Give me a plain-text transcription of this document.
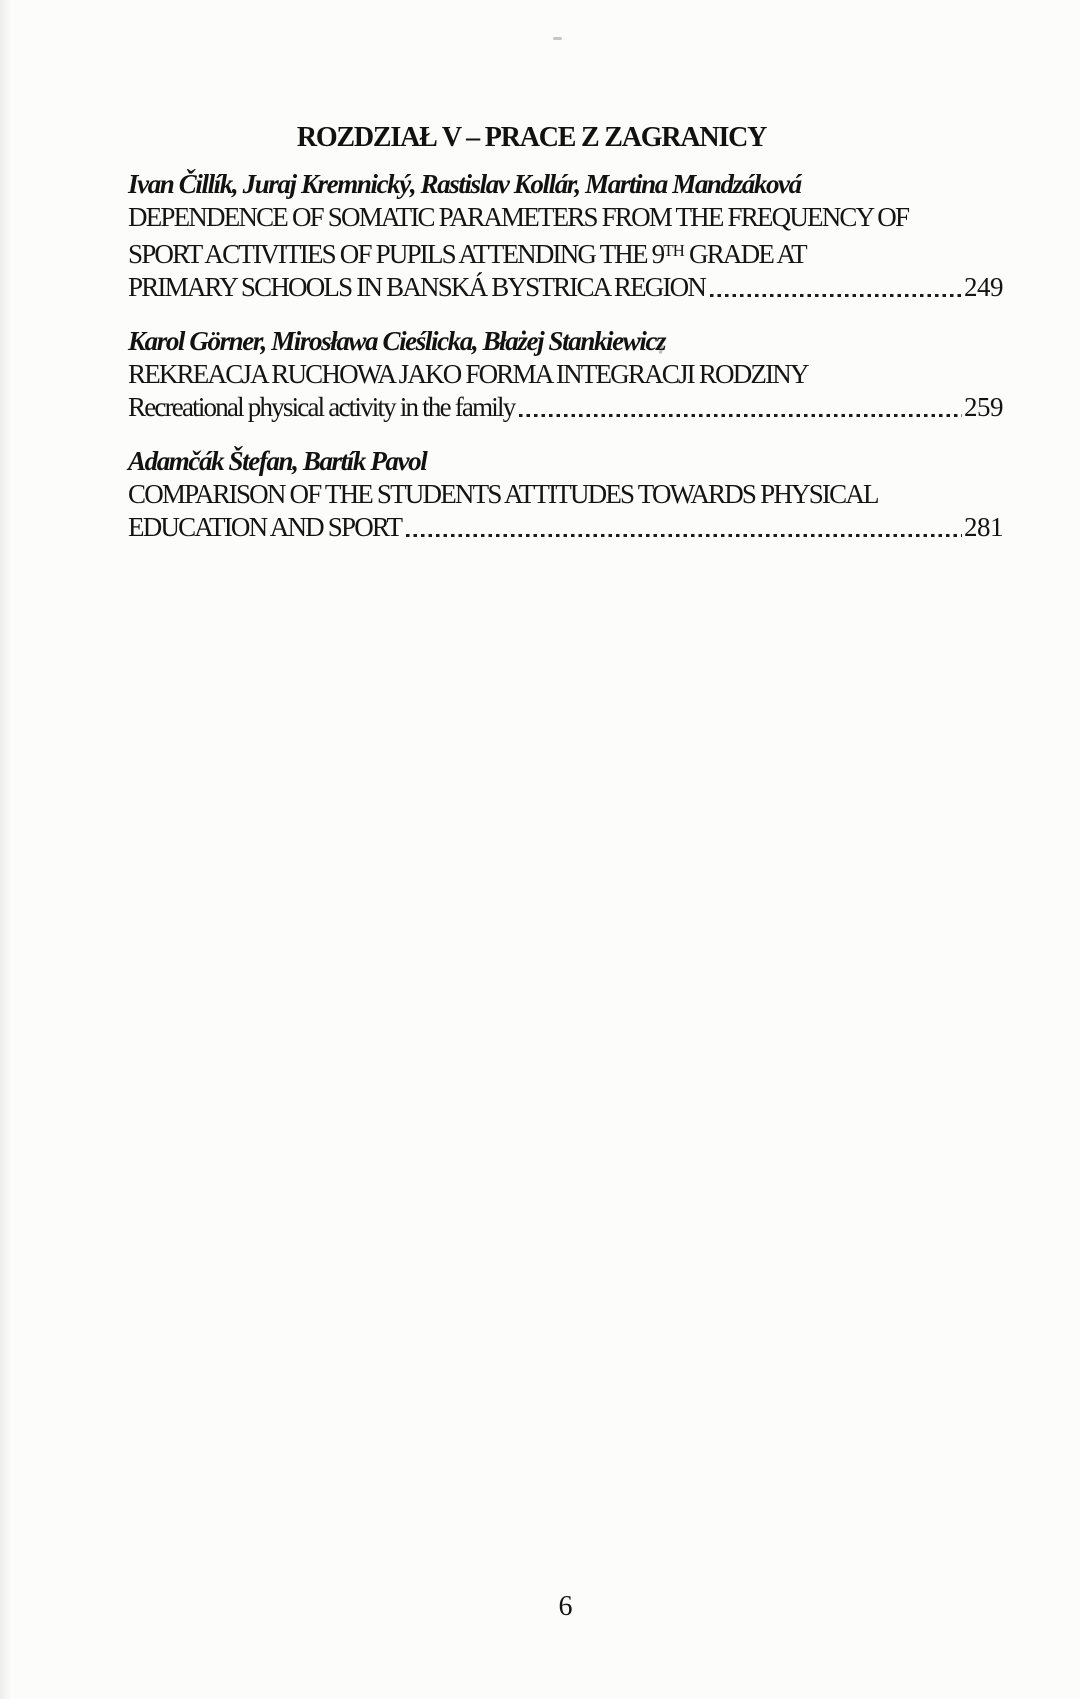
ROZDZIAŁ V – PRACE Z ZAGRANICY

Ivan Čillík, Juraj Kremnický, Rastislav Kollár, Martina Mandzáková

DEPENDENCE OF SOMATIC PARAMETERS FROM THE FREQUENCY OF

SPORT ACTIVITIES OF PUPILS ATTENDING THE 9TH GRADE AT

PRIMARY SCHOOLS IN BANSKÁ BYSTRICA REGION	249

Karol Görner, Mirosława Cieślicka, Błażej Stankiewicz

REKREACJA RUCHOWA JAKO FORMA INTEGRACJI RODZINY

Recreational physical activity in the family	259

Adamčák Štefan, Bartík Pavol

COMPARISON OF THE STUDENTS ATTITUDES TOWARDS PHYSICAL

EDUCATION AND SPORT	281
6
